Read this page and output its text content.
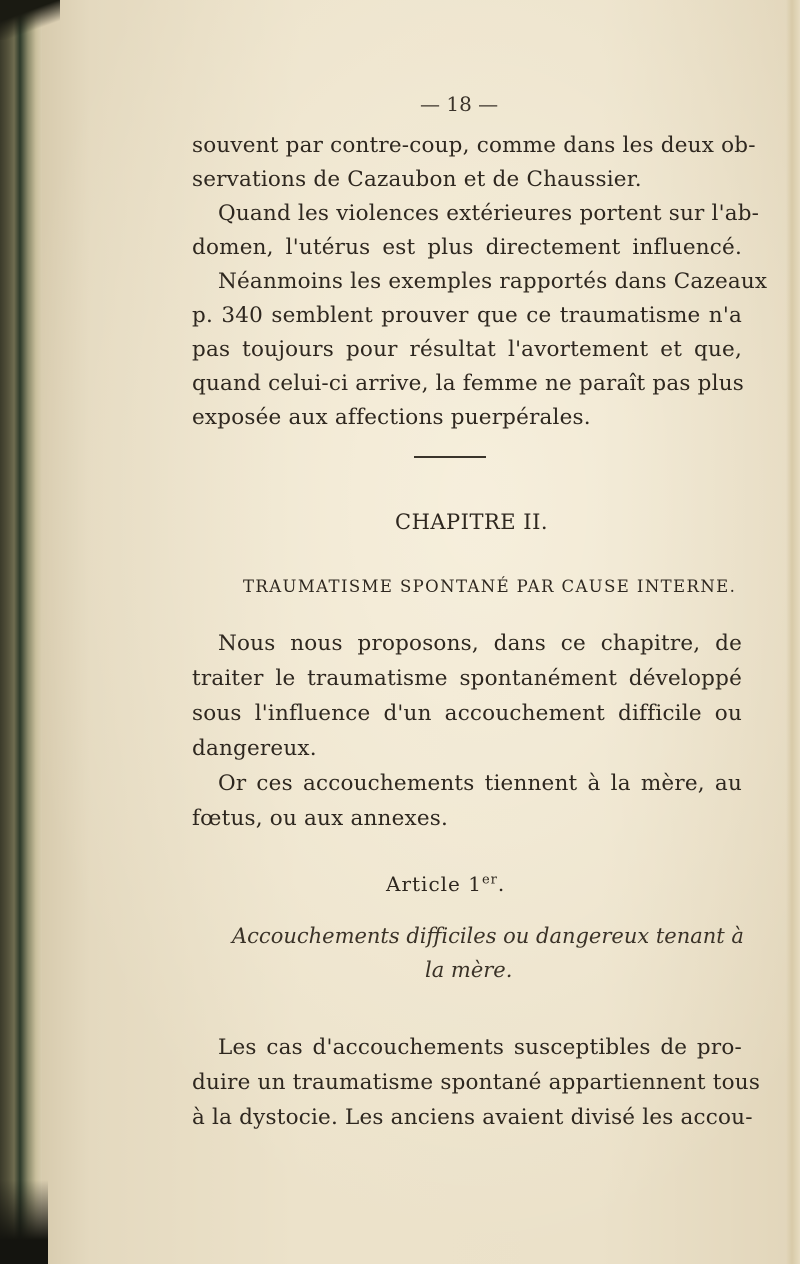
— 18 —
souvent par contre-coup, comme dans les deux ob-
servations de Cazaubon et de Chaussier.
Quand les violences extérieures portent sur l'ab-
domen, l'utérus est plus directement influencé.
Néanmoins les exemples rapportés dans Cazeaux
p. 340 semblent prouver que ce traumatisme n'a
pas toujours pour résultat l'avortement et que,
quand celui-ci arrive, la femme ne paraît pas plus
exposée aux affections puerpérales.
CHAPITRE II.
TRAUMATISME SPONTANÉ PAR CAUSE INTERNE.
Nous nous proposons, dans ce chapitre, de
traiter le traumatisme spontanément développé
sous l'influence d'un accouchement difficile ou
dangereux.
Or ces accouchements tiennent à la mère, au
fœtus, ou aux annexes.
Article 1er.
Accouchements difficiles ou dangereux tenant à
la mère.
Les cas d'accouchements susceptibles de pro-
duire un traumatisme spontané appartiennent tous
à la dystocie. Les anciens avaient divisé les accou-
